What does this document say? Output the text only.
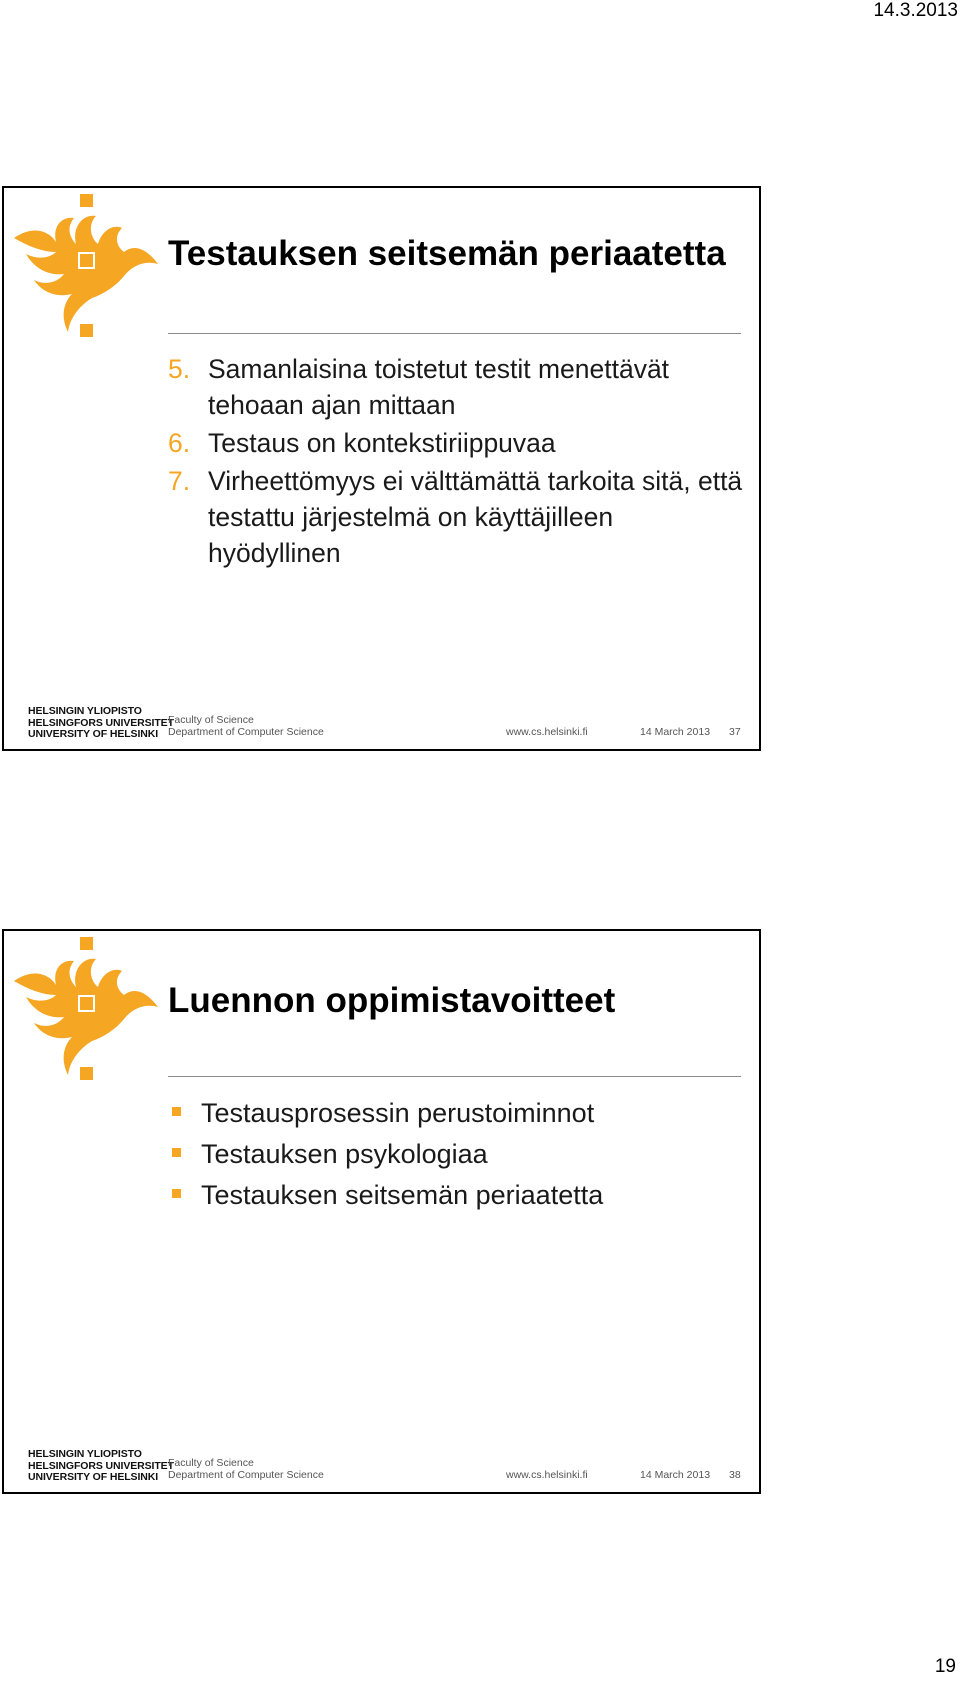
14.3.2013
Testauksen seitsemän periaatetta
5. Samanlaisina toistetut testit menettävät tehoaan ajan mittaan
6. Testaus on kontekstiriippuvaa
7. Virheettömyys ei välttämättä tarkoita sitä, että testattu järjestelmä on käyttäjilleen hyödyllinen
HELSINGIN YLIOPISTO
HELSINGFORS UNIVERSITET
UNIVERSITY OF HELSINKI
Faculty of Science
Department of Computer Science	www.cs.helsinki.fi	14 March 2013 37
Luennon oppimistavoitteet
Testausprosessin perustoiminnot
Testauksen psykologiaa
Testauksen seitsemän periaatetta
HELSINGIN YLIOPISTO
HELSINGFORS UNIVERSITET
UNIVERSITY OF HELSINKI
Faculty of Science
Department of Computer Science	www.cs.helsinki.fi	14 March 2013 38
19
